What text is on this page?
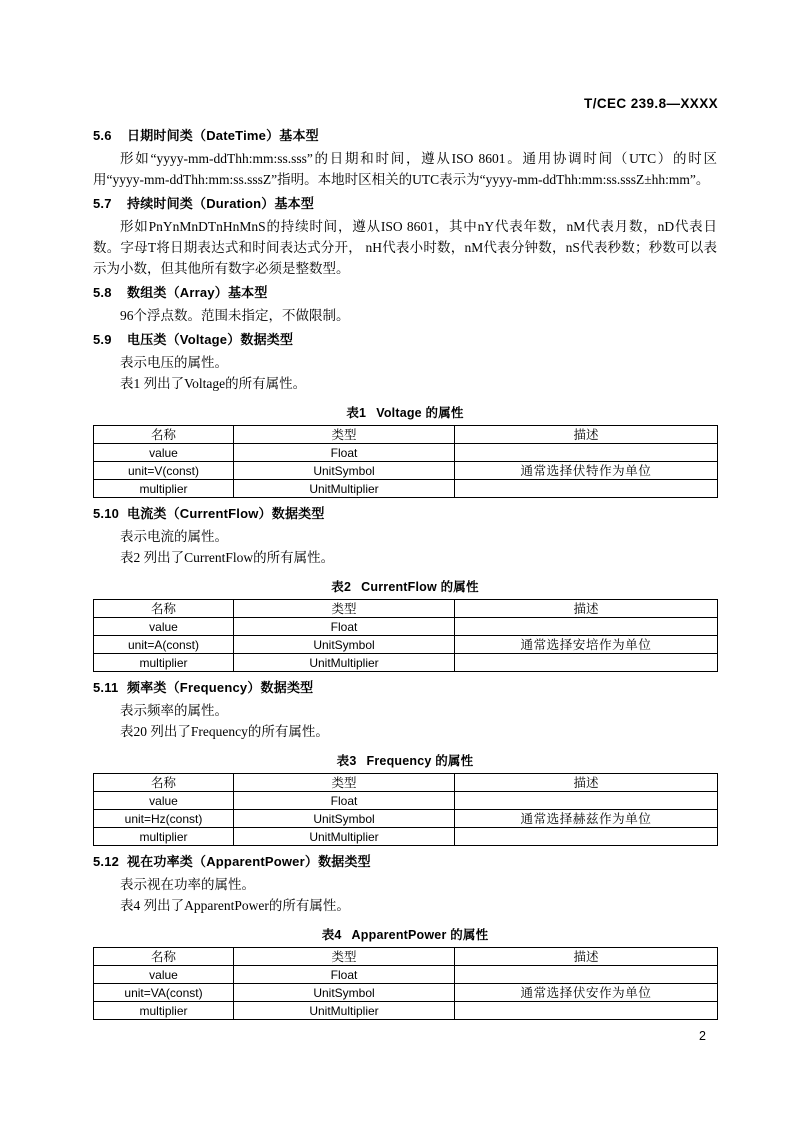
T/CEC 239.8—XXXX
5.6 日期时间类（DateTime）基本型

形如“yyyy-mm-ddThh:mm:ss.sss”的日期和时间，遵从ISO 8601。通用协调时间（UTC）的时区用“yyyy-mm-ddThh:mm:ss.sssZ”指明。本地时区相关的UTC表示为“yyyy-mm-ddThh:mm:ss.sssZ±hh:mm”。

5.7 持续时间类（Duration）基本型

形如PnYnMnDTnHnMnS的持续时间，遵从ISO 8601，其中nY代表年数，nM代表月数，nD代表日数。字母T将日期表达式和时间表达式分开， nH代表小时数，nM代表分钟数，nS代表秒数；秒数可以表示为小数，但其他所有数字必须是整数型。

5.8 数组类（Array）基本型

96个浮点数。范围未指定，不做限制。

5.9 电压类（Voltage）数据类型

表示电压的属性。

表1 列出了Voltage的所有属性。

表1 Voltage 的属性
名称	类型	描述
value	Float	
unit=V(const)	UnitSymbol	通常选择伏特作为单位
multiplier	UnitMultiplier	
5.10 电流类（CurrentFlow）数据类型

表示电流的属性。

表2 列出了CurrentFlow的所有属性。

表2 CurrentFlow 的属性
名称	类型	描述
value	Float	
unit=A(const)	UnitSymbol	通常选择安培作为单位
multiplier	UnitMultiplier	
5.11 频率类（Frequency）数据类型

表示频率的属性。

表20 列出了Frequency的所有属性。

表3 Frequency 的属性
名称	类型	描述
value	Float	
unit=Hz(const)	UnitSymbol	通常选择赫兹作为单位
multiplier	UnitMultiplier	
5.12 视在功率类（ApparentPower）数据类型

表示视在功率的属性。

表4 列出了ApparentPower的所有属性。

表4 ApparentPower 的属性
名称	类型	描述
value	Float	
unit=VA(const)	UnitSymbol	通常选择伏安作为单位
multiplier	UnitMultiplier	
2
